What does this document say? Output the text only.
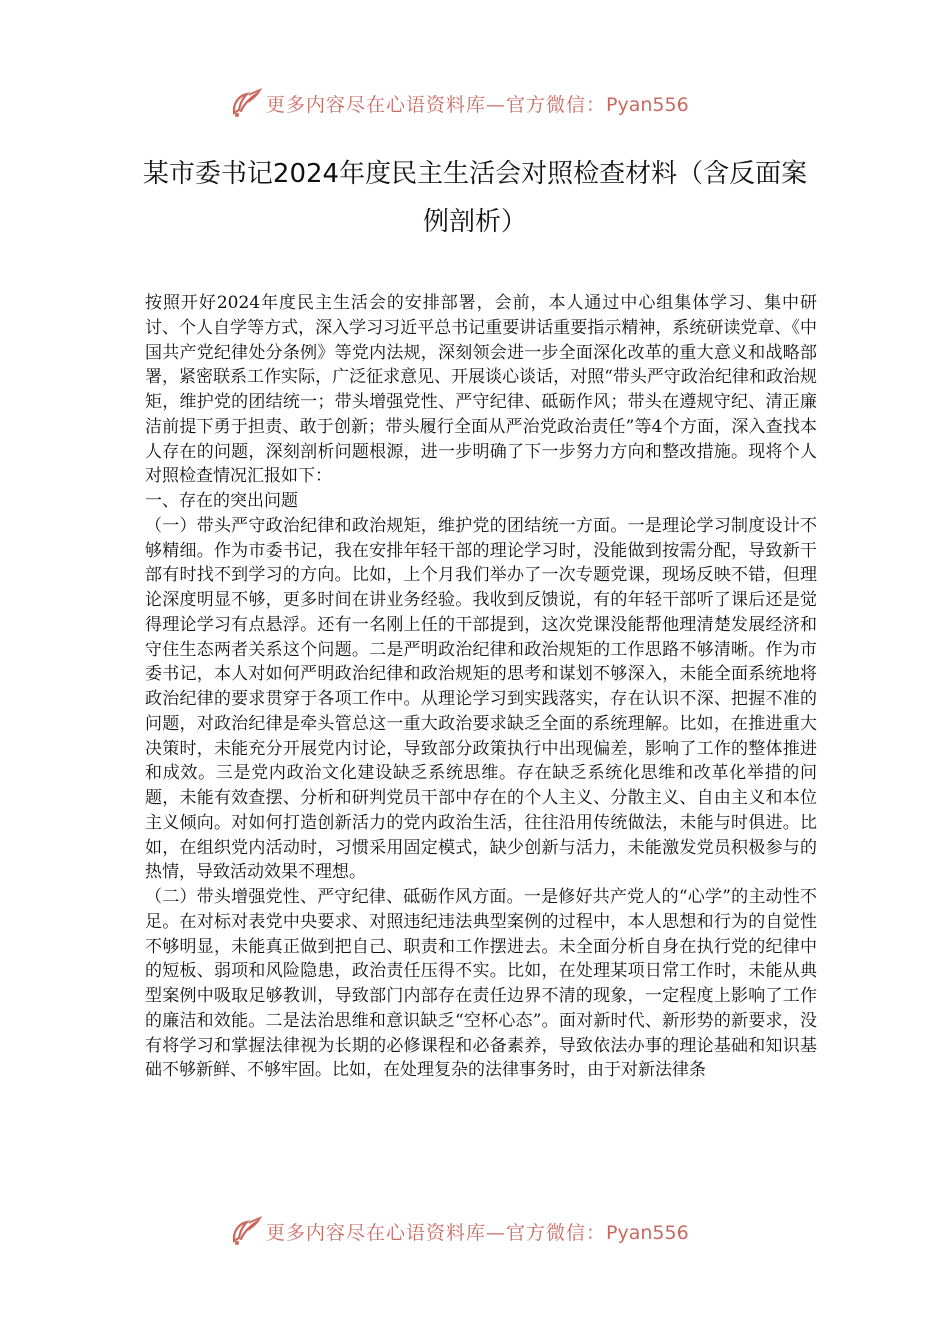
更多内容尽在心语资料库—官方微信：Pyan556
某市委书记2024年度民主生活会对照检查材料（含反面案例剖析）

按照开好2024年度民主生活会的安排部署，会前，本人通过中心组集体学习、集中研讨、个人自学等方式，深入学习习近平总书记重要讲话重要指示精神，系统研读党章、《中国共产党纪律处分条例》等党内法规，深刻领会进一步全面深化改革的重大意义和战略部署，紧密联系工作实际，广泛征求意见、开展谈心谈话，对照“带头严守政治纪律和政治规矩，维护党的团结统一；带头增强党性、严守纪律、砥砺作风；带头在遵规守纪、清正廉洁前提下勇于担责、敢于创新；带头履行全面从严治党政治责任”等4个方面，深入查找本人存在的问题，深刻剖析问题根源，进一步明确了下一步努力方向和整改措施。现将个人对照检查情况汇报如下：

一、存在的突出问题

（一）带头严守政治纪律和政治规矩，维护党的团结统一方面。一是理论学习制度设计不够精细。作为市委书记，我在安排年轻干部的理论学习时，没能做到按需分配，导致新干部有时找不到学习的方向。比如，上个月我们举办了一次专题党课，现场反映不错，但理论深度明显不够，更多时间在讲业务经验。我收到反馈说，有的年轻干部听了课后还是觉得理论学习有点悬浮。还有一名刚上任的干部提到，这次党课没能帮他理清楚发展经济和守住生态两者关系这个问题。二是严明政治纪律和政治规矩的工作思路不够清晰。作为市委书记，本人对如何严明政治纪律和政治规矩的思考和谋划不够深入，未能全面系统地将政治纪律的要求贯穿于各项工作中。从理论学习到实践落实，存在认识不深、把握不准的问题，对政治纪律是牵头管总这一重大政治要求缺乏全面的系统理解。比如，在推进重大决策时，未能充分开展党内讨论，导致部分政策执行中出现偏差，影响了工作的整体推进和成效。三是党内政治文化建设缺乏系统思维。存在缺乏系统化思维和改革化举措的问题，未能有效查摆、分析和研判党员干部中存在的个人主义、分散主义、自由主义和本位主义倾向。对如何打造创新活力的党内政治生活，往往沿用传统做法，未能与时俱进。比如，在组织党内活动时，习惯采用固定模式，缺少创新与活力，未能激发党员积极参与的热情，导致活动效果不理想。

（二）带头增强党性、严守纪律、砥砺作风方面。一是修好共产党人的“心学”的主动性不足。在对标对表党中央要求、对照违纪违法典型案例的过程中，本人思想和行为的自觉性不够明显，未能真正做到把自己、职责和工作摆进去。未全面分析自身在执行党的纪律中的短板、弱项和风险隐患，政治责任压得不实。比如，在处理某项日常工作时，未能从典型案例中吸取足够教训，导致部门内部存在责任边界不清的现象，一定程度上影响了工作的廉洁和效能。二是法治思维和意识缺乏“空杯心态”。面对新时代、新形势的新要求，没有将学习和掌握法律视为长期的必修课程和必备素养，导致依法办事的理论基础和知识基础不够新鲜、不够牢固。比如，在处理复杂的法律事务时，由于对新法律条

更多内容尽在心语资料库—官方微信：Pyan556
